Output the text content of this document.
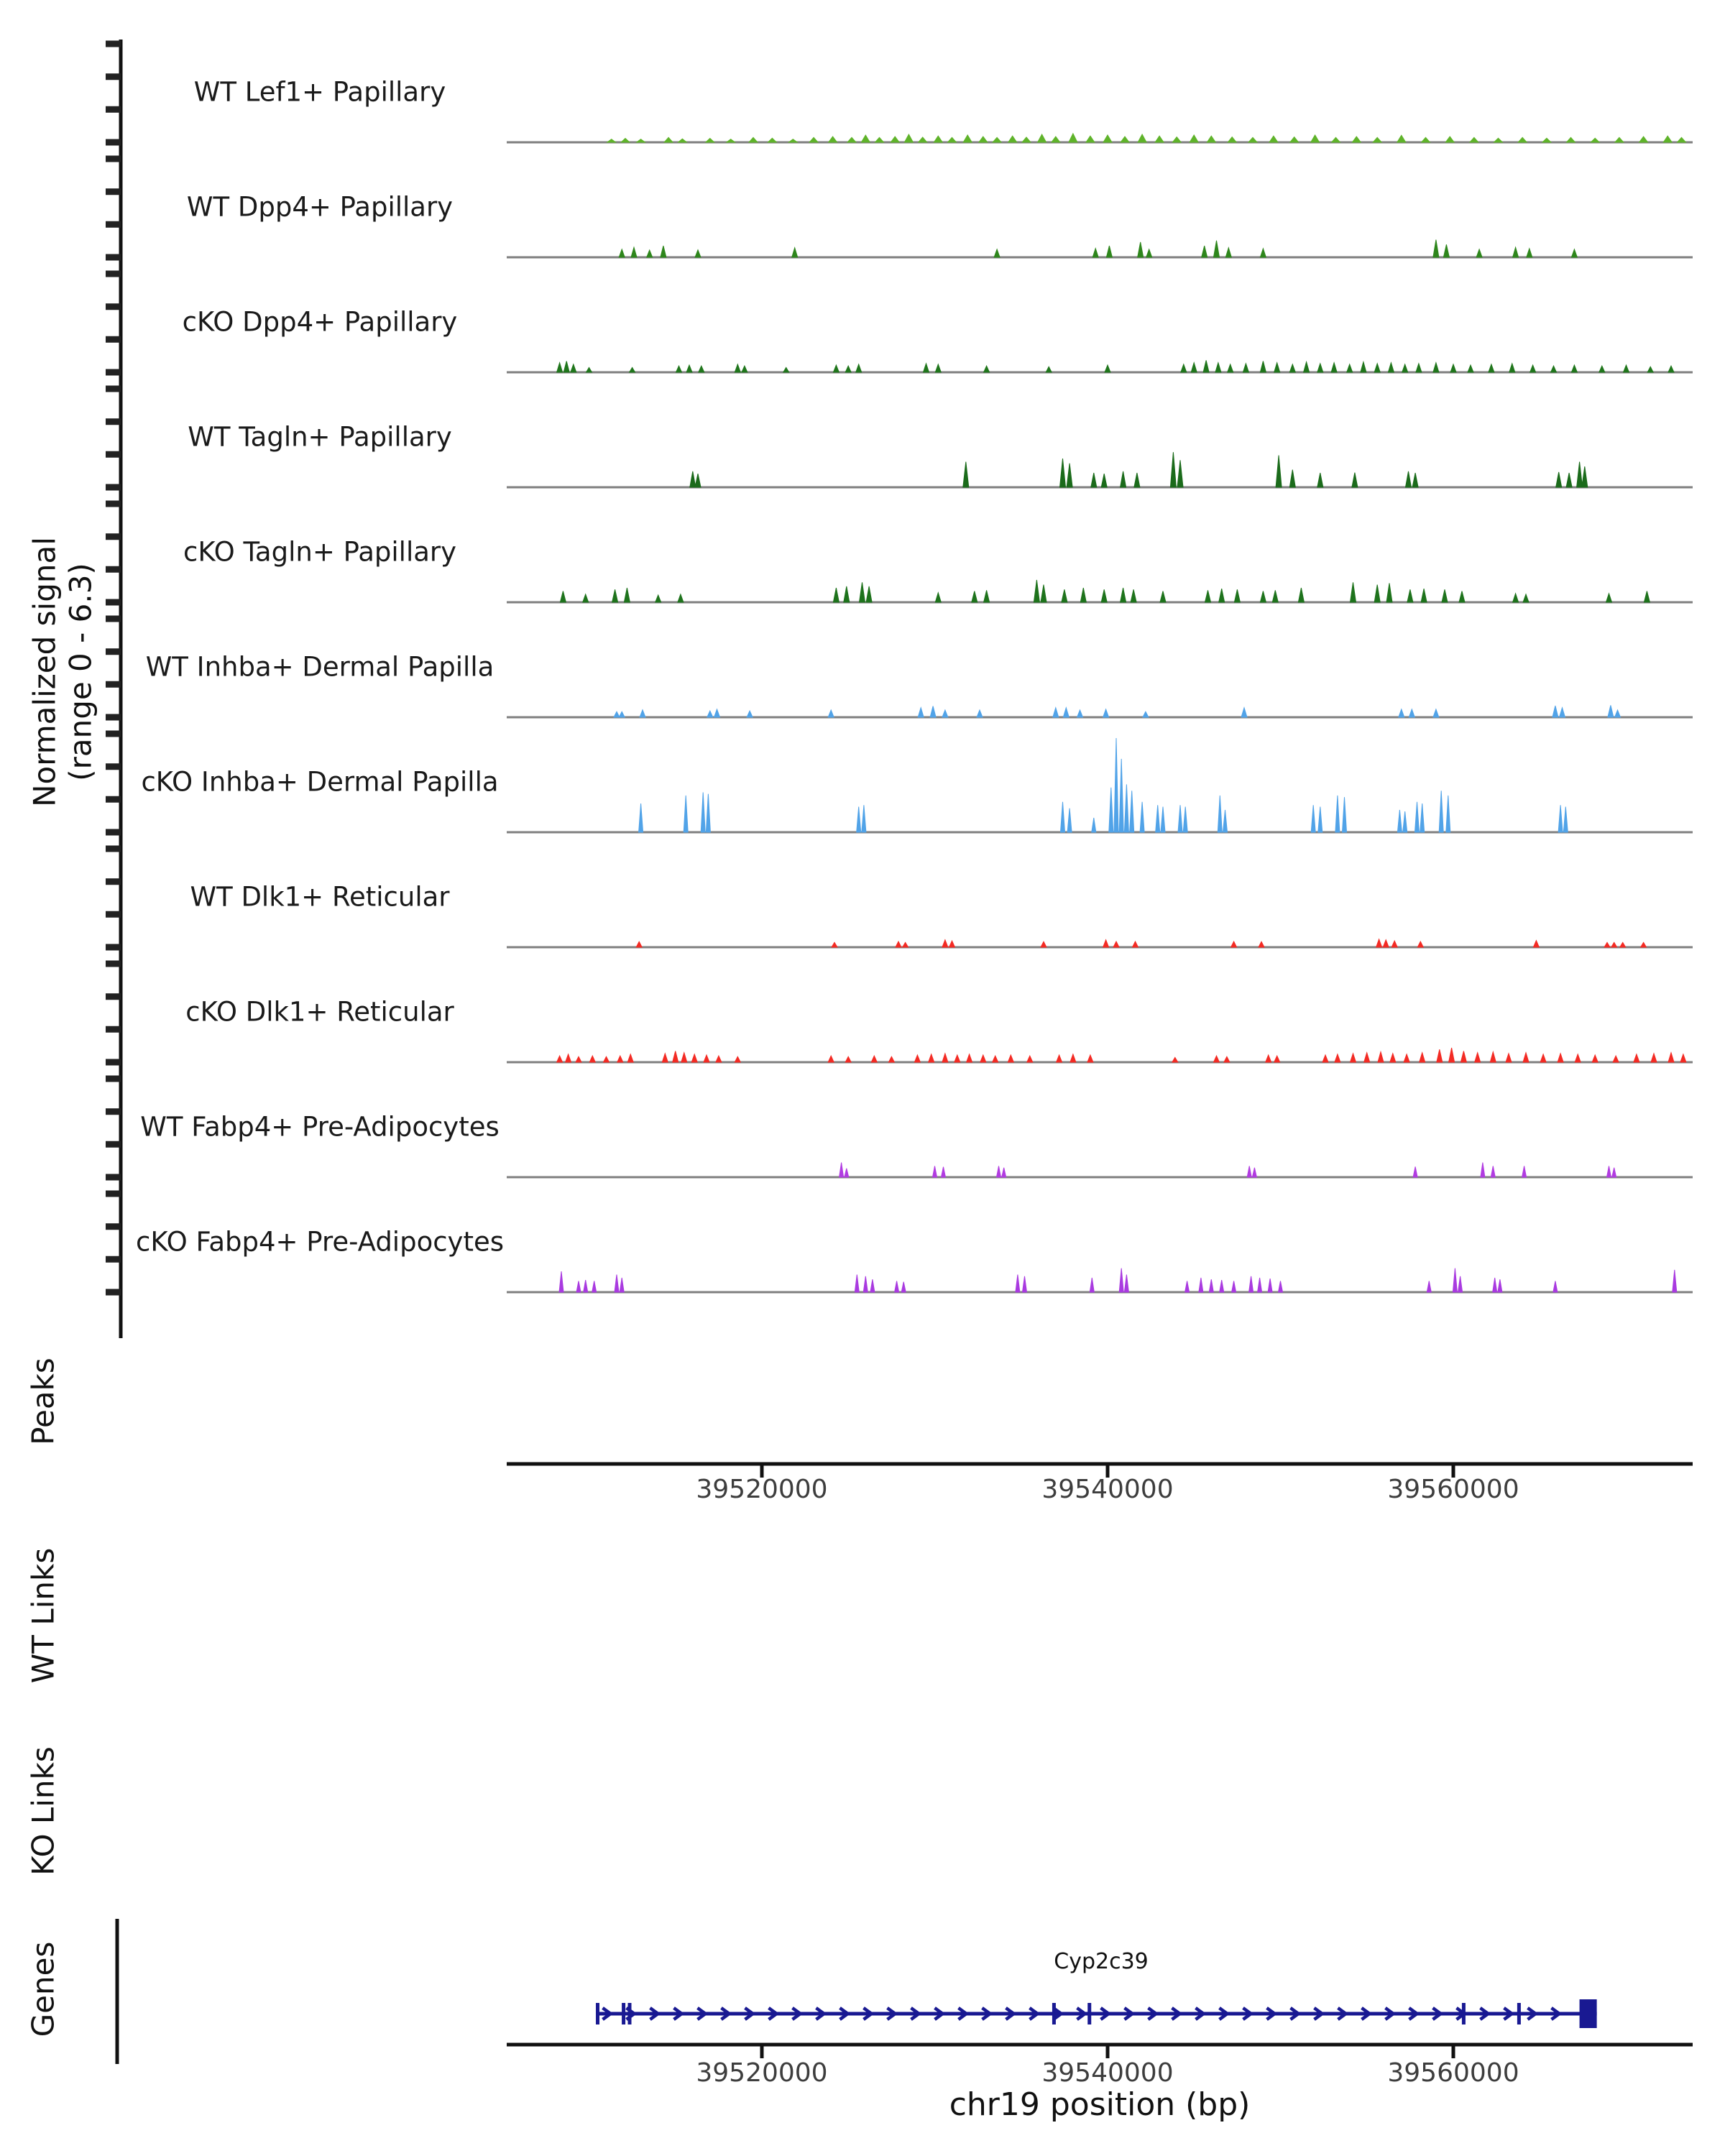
Normalized signal (range 0 - 6.3)
Peaks
WT Links
KO Links
Genes	Cyp2c39
chr19 position (bp)
WT Lef1+ Papillary
WT Dpp4+ Papillary
cKO Dpp4+ Papillary
WT Tagln+ Papillary
cKO Tagln+ Papillary
WT Inhba+ Dermal Papilla
cKO Inhba+ Dermal Papilla
WT Dlk1+ Reticular
cKO Dlk1+ Reticular
WT Fabp4+ Pre-Adipocytes
cKO Fabp4+ Pre-Adipocytes
39520000	39540000	39560000
39520000	39540000	39560000
